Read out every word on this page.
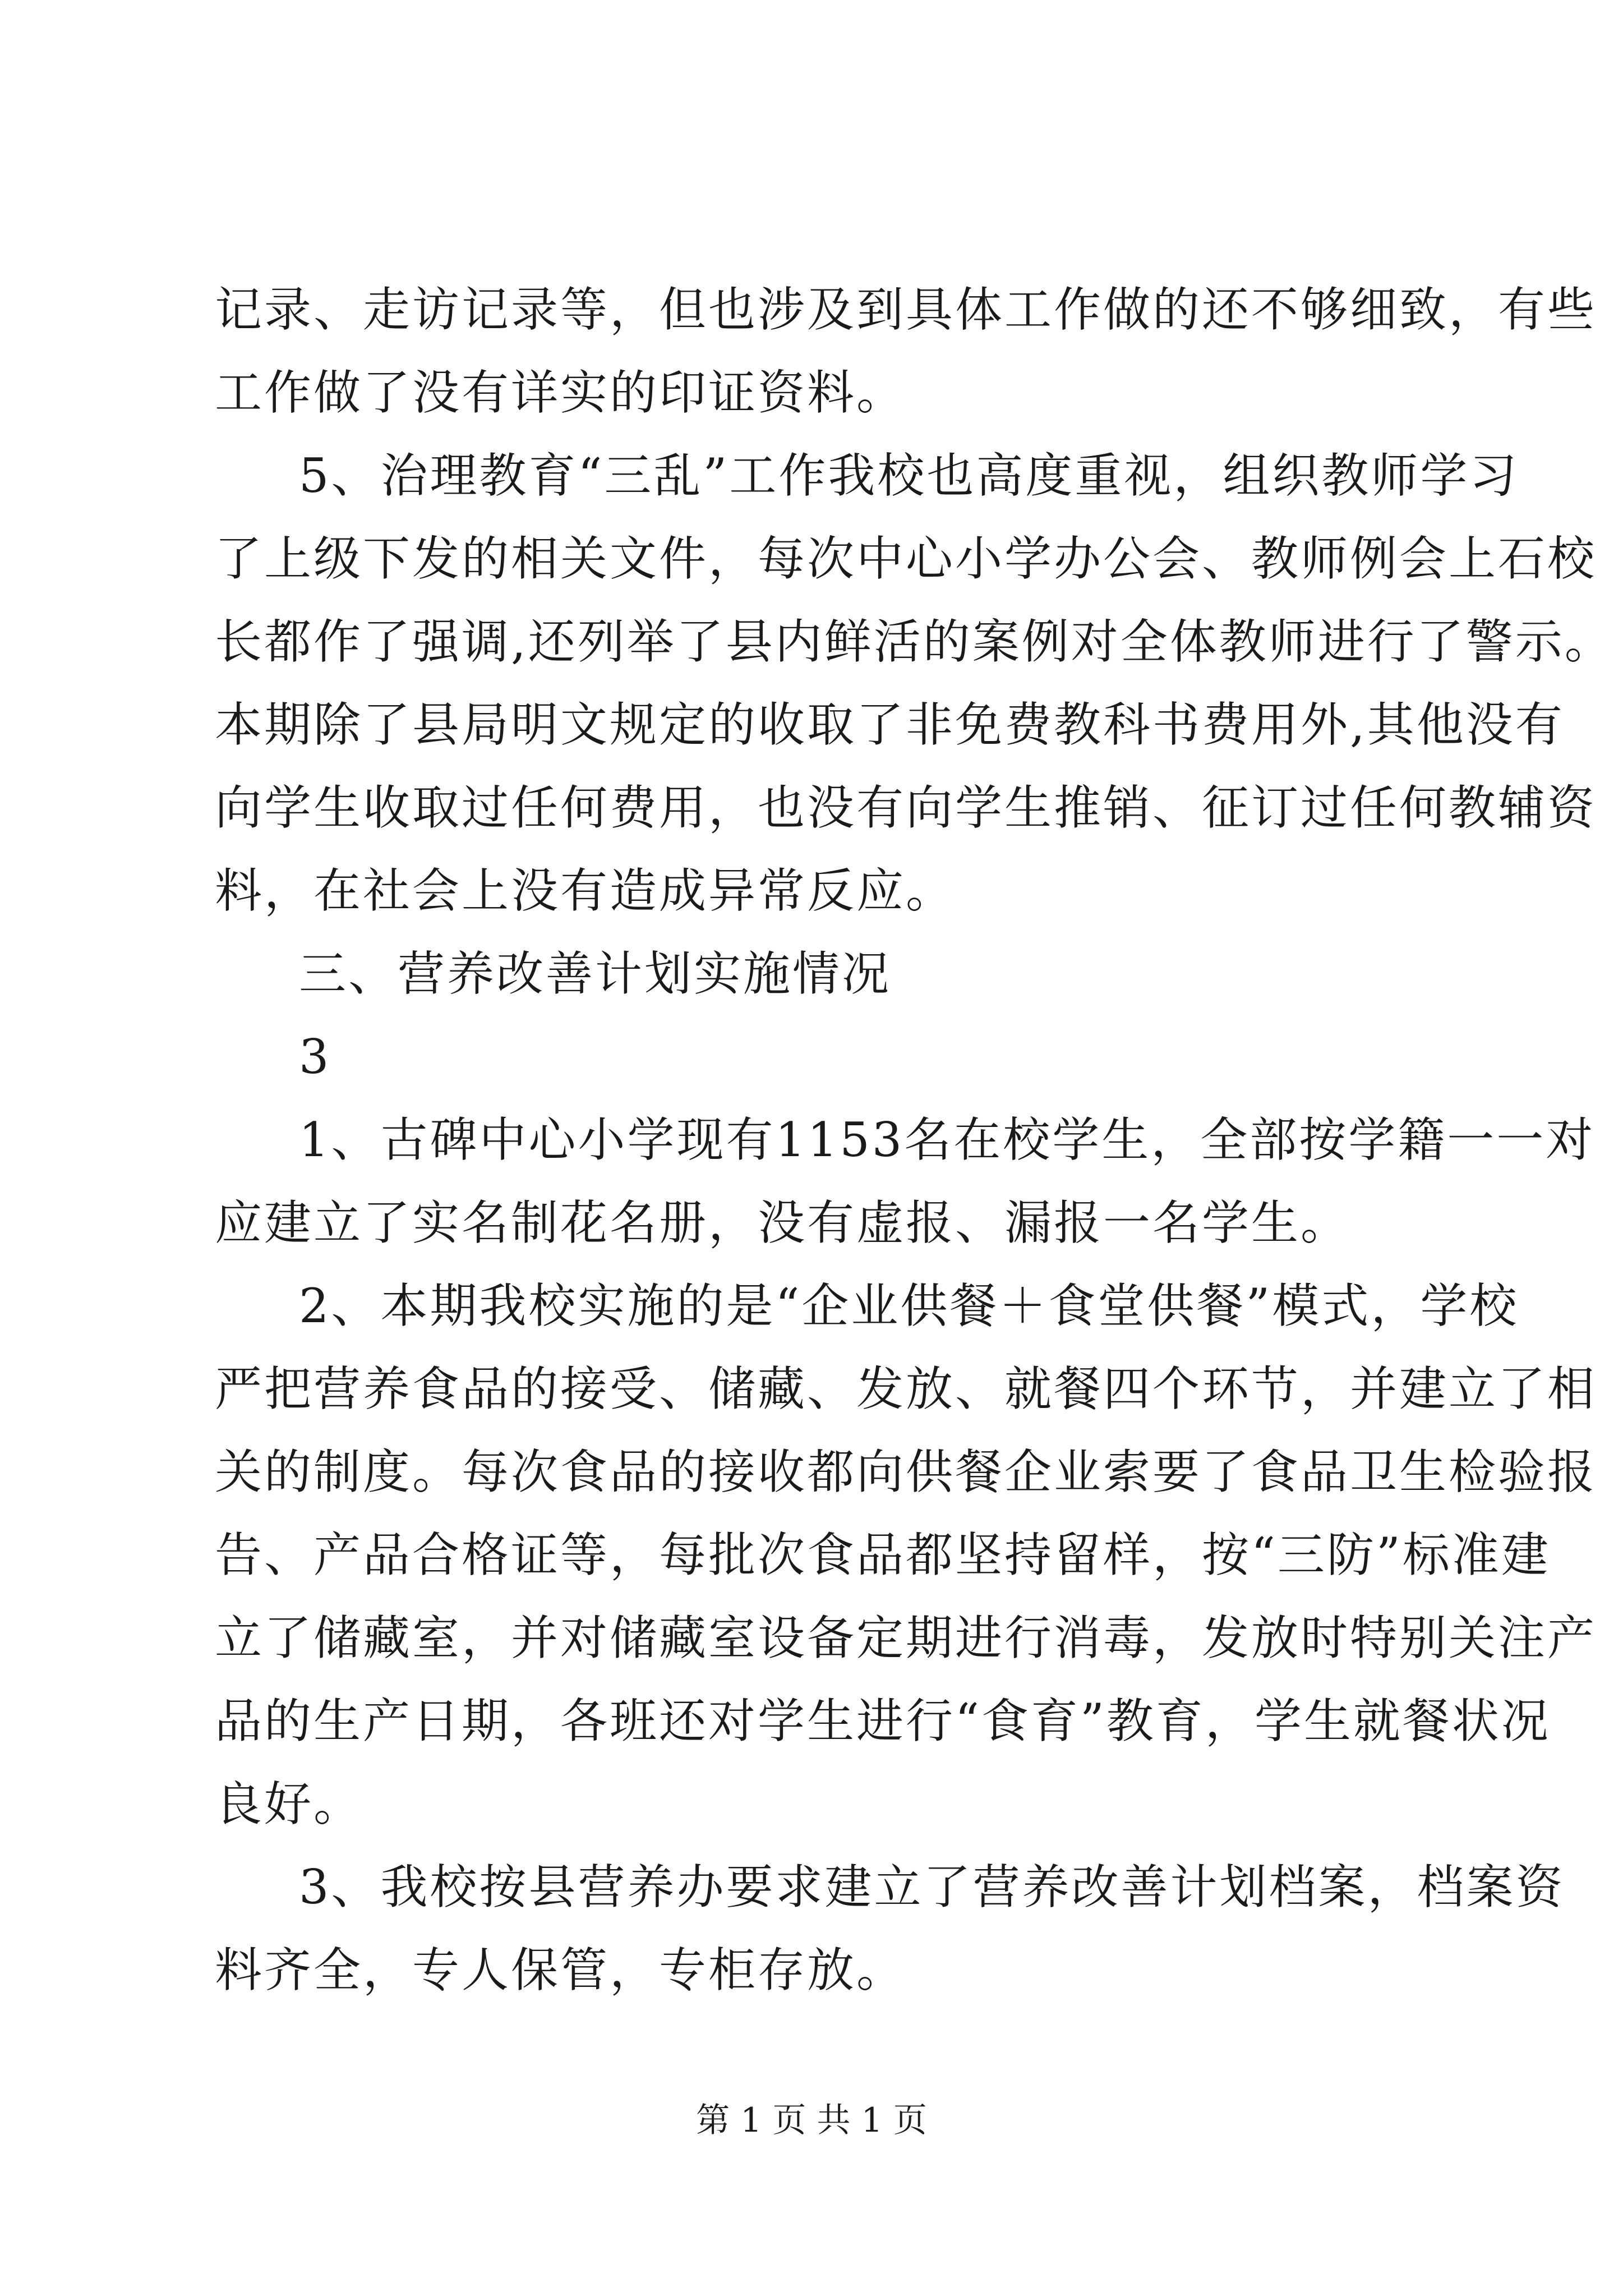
记录、走访记录等，但也涉及到具体工作做的还不够细致，有些
工作做了没有详实的印证资料。
5、治理教育“三乱”工作我校也高度重视，组织教师学习
了上级下发的相关文件，每次中心小学办公会、教师例会上石校
长都作了强调,还列举了县内鲜活的案例对全体教师进行了警示。
本期除了县局明文规定的收取了非免费教科书费用外,其他没有
向学生收取过任何费用，也没有向学生推销、征订过任何教辅资
料，在社会上没有造成异常反应。
三、营养改善计划实施情况
3
1、古碑中心小学现有1153名在校学生，全部按学籍一一对
应建立了实名制花名册，没有虚报、漏报一名学生。
2、本期我校实施的是“企业供餐＋食堂供餐”模式，学校
严把营养食品的接受、储藏、发放、就餐四个环节，并建立了相
关的制度。每次食品的接收都向供餐企业索要了食品卫生检验报
告、产品合格证等，每批次食品都坚持留样，按“三防”标准建
立了储藏室，并对储藏室设备定期进行消毒，发放时特别关注产
品的生产日期，各班还对学生进行“食育”教育，学生就餐状况
良好。
3、我校按县营养办要求建立了营养改善计划档案，档案资
料齐全，专人保管，专柜存放。
第 1 页 共 1 页
